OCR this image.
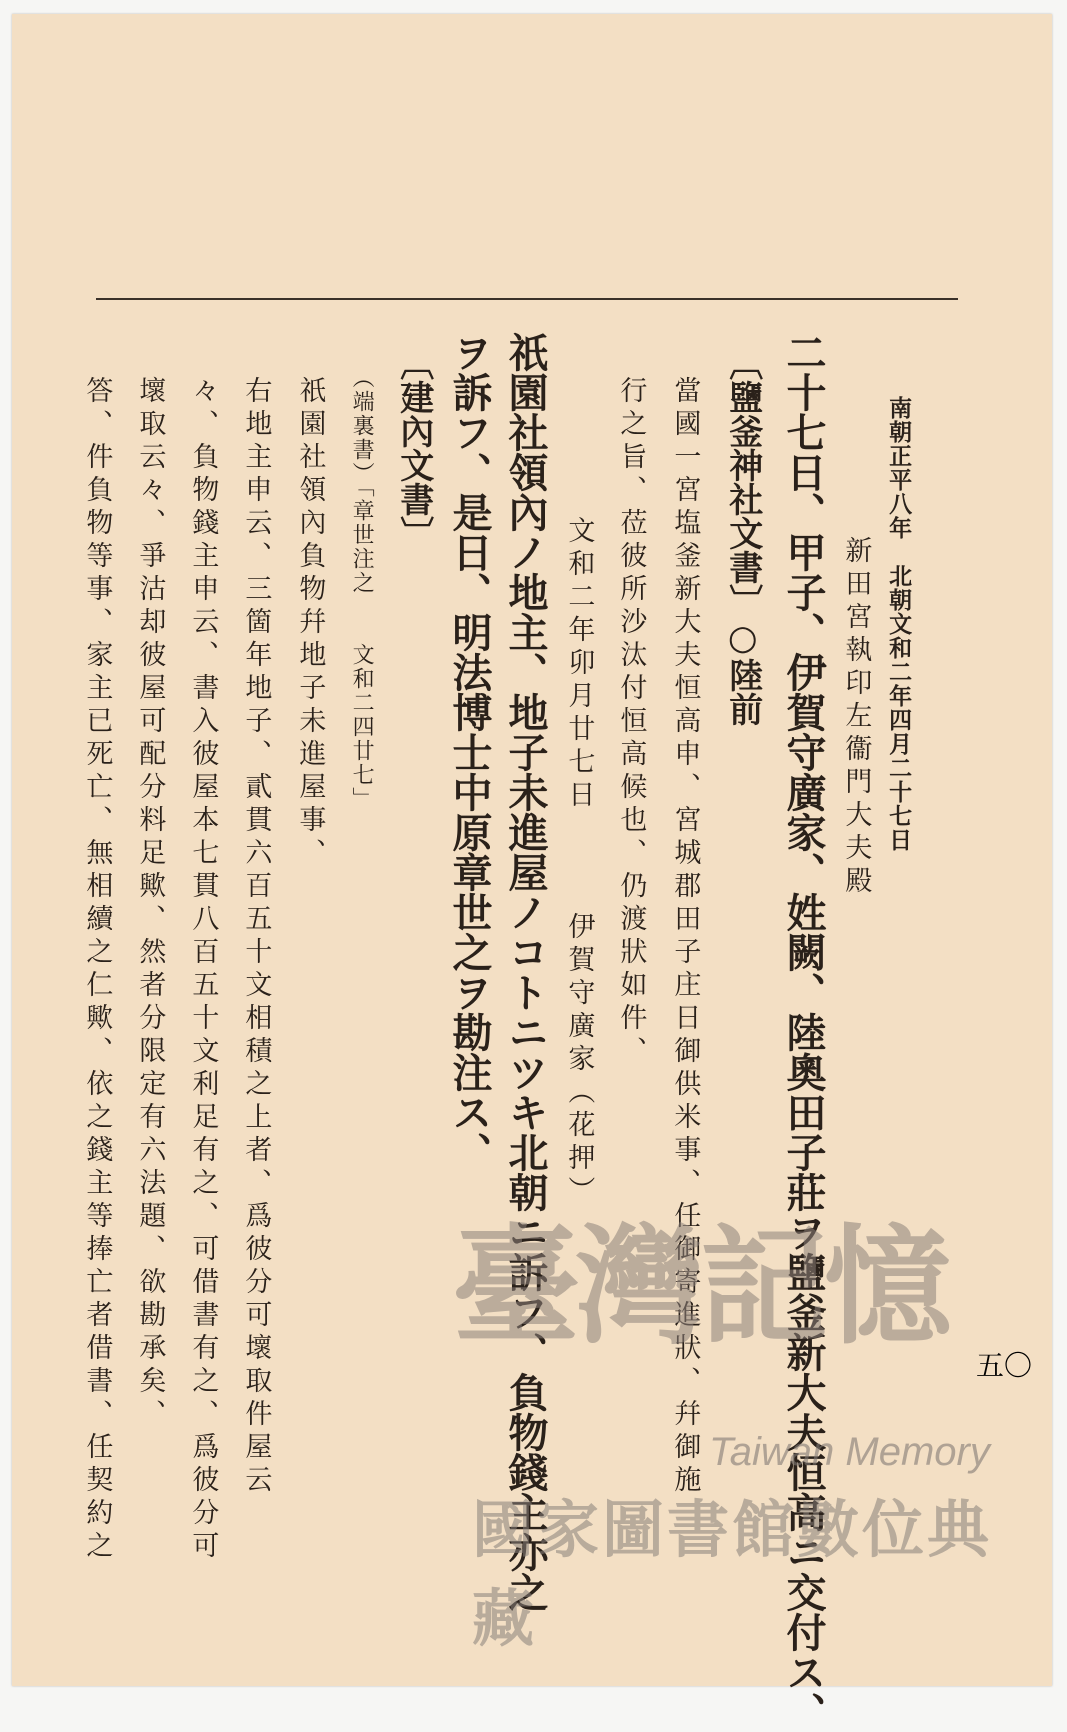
南朝正平八年　北朝文和二年四月二十七日
五〇
新田宮執印左衞門大夫殿
二十七日、甲子、伊賀守廣家、姓闕、陸奧田子莊ヲ鹽釜新大夫恒高ニ交付ス、
〔鹽釜神社文書〕○陸前
當國一宮塩釜新大夫恒高申、宮城郡田子庄日御供米事、任御寄進狀、幷御施
行之旨、莅彼所沙汰付恒高候也、仍渡狀如件、
文和二年卯月廿七日　　　伊賀守廣家（花押）
祇園社領內ノ地主、地子未進屋ノコトニツキ北朝ニ訴フ、負物錢主亦之
ヲ訴フ、是日、明法博士中原章世之ヲ勘注ス、
〔建內文書〕
（端裏書）「章世注之　　文和二四廿七」
祇園社領內負物幷地子未進屋事、
右地主申云、三箇年地子、貳貫六百五十文相積之上者、爲彼分可壞取件屋云
々、負物錢主申云、書入彼屋本七貫八百五十文利足有之、可借書有之、爲彼分可
壞取云々、爭沽却彼屋可配分料足歟、然者分限定有六法題、欲勘承矣、
答、件負物等事、家主已死亡、無相續之仁歟、依之錢主等捧亡者借書、任契約之	臺灣記憶
Taiwan Memory
國家圖書館數位典藏
